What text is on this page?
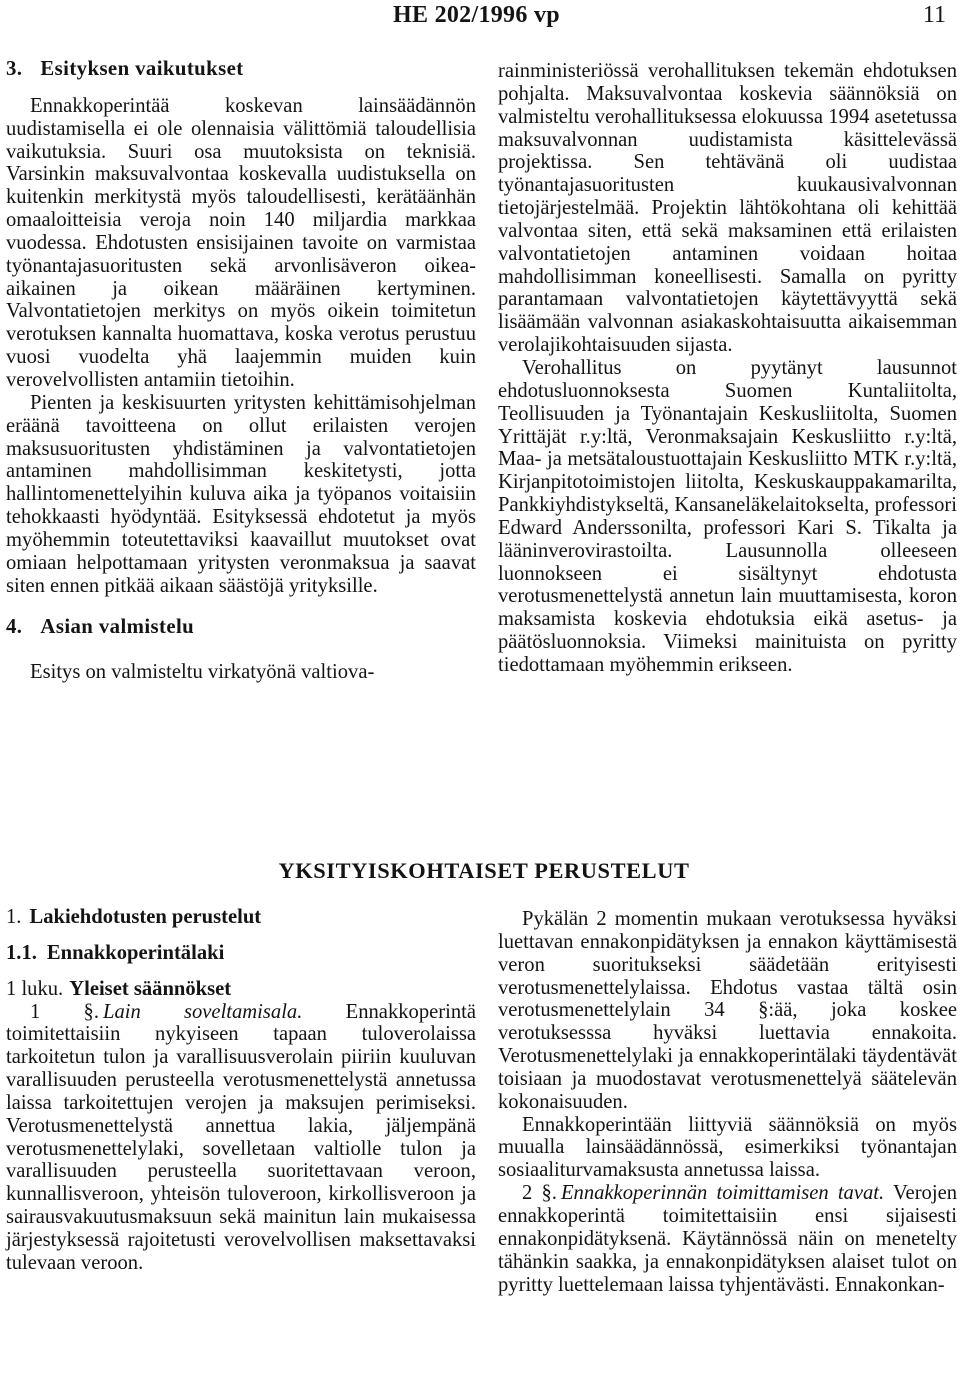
HE 202/1996 vp	11
3. Esityksen vaikutukset

Ennakkoperintää koskevan lainsäädännön uudistamisella ei ole olennaisia välittömiä taloudellisia vaikutuksia. Suuri osa muutoksista on teknisiä. Varsinkin maksuvalvontaa koskevalla uudistuksella on kuitenkin merkitystä myös taloudellisesti, kerätäänhän omaaloitteisia veroja noin 140 miljardia markkaa vuodessa. Ehdotusten ensisijainen tavoite on varmistaa työnantajasuoritusten sekä arvonlisäveron oikea-aikainen ja oikean määräinen kertyminen. Valvontatietojen merkitys on myös oikein toimitetun verotuksen kannalta huomattava, koska verotus perustuu vuosi vuodelta yhä laajemmin muiden kuin verovelvollisten antamiin tietoihin.

Pienten ja keskisuurten yritysten kehittämisohjelman eräänä tavoitteena on ollut erilaisten verojen maksusuoritusten yhdistäminen ja valvontatietojen antaminen mahdollisimman keskitetysti, jotta hallintomenettelyihin kuluva aika ja työpanos voitaisiin tehokkaasti hyödyntää. Esityksessä ehdotetut ja myös myöhemmin toteutettaviksi kaavaillut muutokset ovat omiaan helpottamaan yritysten veronmaksua ja saavat siten ennen pitkää aikaan säästöjä yrityksille.

4. Asian valmistelu

Esitys on valmisteltu virkatyönä valtiova-

rainministeriössä verohallituksen tekemän ehdotuksen pohjalta. Maksuvalvontaa koskevia säännöksiä on valmisteltu verohallituksessa elokuussa 1994 asetetussa maksuvalvonnan uudistamista käsittelevässä projektissa. Sen tehtävänä oli uudistaa työnantajasuoritusten kuukausivalvonnan tietojärjestelmää. Projektin lähtökohtana oli kehittää valvontaa siten, että sekä maksaminen että erilaisten valvontatietojen antaminen voidaan hoitaa mahdollisimman koneellisesti. Samalla on pyritty parantamaan valvontatietojen käytettävyyttä sekä lisäämään valvonnan asiakaskohtaisuutta aikaisemman verolajikohtaisuuden sijasta.

Verohallitus on pyytänyt lausunnot ehdotusluonnoksesta Suomen Kuntaliitolta, Teollisuuden ja Työnantajain Keskusliitolta, Suomen Yrittäjät r.y:ltä, Veronmaksajain Keskusliitto r.y:ltä, Maa- ja metsätaloustuottajain Keskusliitto MTK r.y:ltä, Kirjanpitotoimistojen liitolta, Keskuskauppakamarilta, Pankkiyhdistykseltä, Kansaneläkelaitokselta, professori Edward Anderssonilta, professori Kari S. Tikalta ja lääninverovirastoilta. Lausunnolla olleeseen luonnokseen ei sisältynyt ehdotusta verotusmenettelystä annetun lain muuttamisesta, koron maksamista koskevia ehdotuksia eikä asetus- ja päätösluonnoksia. Viimeksi mainituista on pyritty tiedottamaan myöhemmin erikseen.

YKSITYISKOHTAISET PERUSTELUT
1. Lakiehdotusten perustelut
1.1. Ennakkoperintälaki

1 luku. Yleiset säännökset

1 §. Lain soveltamisala. Ennakkoperintä toimitettaisiin nykyiseen tapaan tuloverolaissa tarkoitetun tulon ja varallisuusverolain piiriin kuuluvan varallisuuden perusteella verotusmenettelystä annetussa laissa tarkoitettujen verojen ja maksujen perimiseksi. Verotusmenettelystä annettua lakia, jäljempänä verotusmenettelylaki, sovelletaan valtiolle tulon ja varallisuuden perusteella suoritettavaan veroon, kunnallisveroon, yhteisön tuloveroon, kirkollisveroon ja sairausvakuutusmaksuun sekä mainitun lain mukaisessa järjestyksessä rajoitetusti verovelvollisen maksettavaksi tulevaan veroon.

Pykälän 2 momentin mukaan verotuksessa hyväksi luettavan ennakonpidätyksen ja ennakon käyttämisestä veron suoritukseksi säädetään erityisesti verotusmenettelylaissa. Ehdotus vastaa tältä osin verotusmenettelylain 34 §:ää, joka koskee verotuksesssa hyväksi luettavia ennakoita. Verotusmenettelylaki ja ennakkoperintälaki täydentävät toisiaan ja muodostavat verotusmenettelyä säätelevän kokonaisuuden.

Ennakkoperintään liittyviä säännöksiä on myös muualla lainsäädännössä, esimerkiksi työnantajan sosiaaliturvamaksusta annetussa laissa.

2 §. Ennakkoperinnän toimittamisen tavat. Verojen ennakkoperintä toimitettaisiin ensi sijaisesti ennakonpidätyksenä. Käytännössä näin on menetelty tähänkin saakka, ja ennakonpidätyksen alaiset tulot on pyritty luettelemaan laissa tyhjentävästi. Ennakonkan-
